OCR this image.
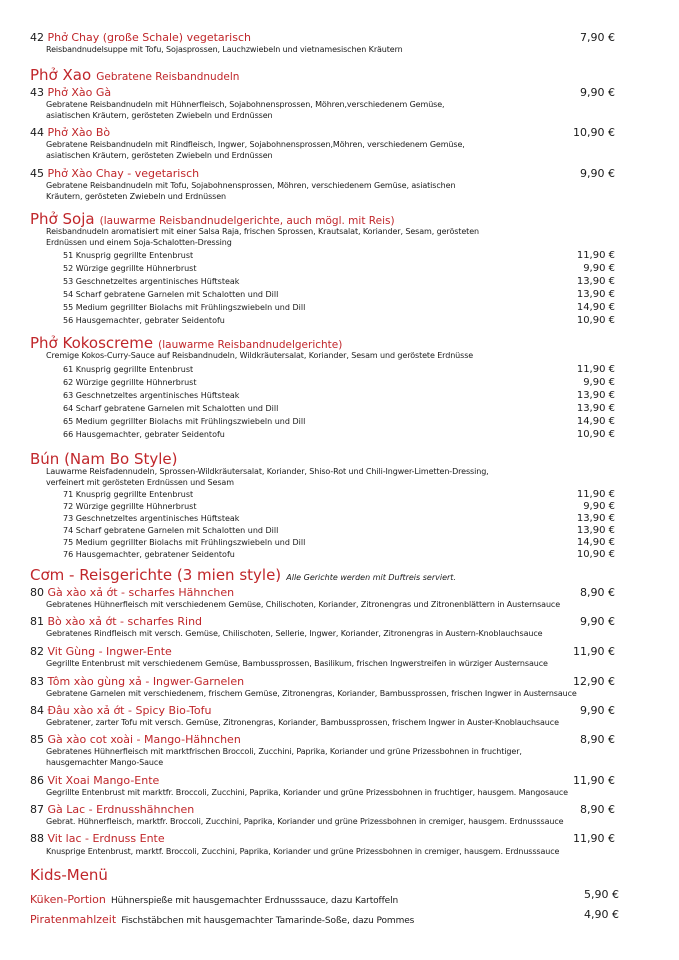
42 Phở Chay (große Schale) vegetarisch	7,90 €
Reisbandnudelsuppe mit Tofu, Sojasprossen, Lauchzwiebeln und vietnamesischen Kräutern
Phở Xao Gebratene Reisbandnudeln
43 Phở Xào Gà	9,90 €
Gebratene Reisbandnudeln mit Hühnerfleisch, Sojabohnensprossen, Möhren,verschiedenem Gemüse,
asiatischen Kräutern, gerösteten Zwiebeln und Erdnüssen
44 Phở Xào Bò	10,90 €
Gebratene Reisbandnudeln mit Rindfleisch, Ingwer, Sojabohnensprossen,Möhren, verschiedenem Gemüse,
asiatischen Kräutern, gerösteten Zwiebeln und Erdnüssen
45 Phở Xào Chay - vegetarisch	9,90 €
Gebratene Reisbandnudeln mit Tofu, Sojabohnensprossen, Möhren, verschiedenem Gemüse, asiatischen
Kräutern, gerösteten Zwiebeln und Erdnüssen
Phở Soja (lauwarme Reisbandnudelgerichte, auch mögl. mit Reis)
Reisbandnudeln aromatisiert mit einer Salsa Raja, frischen Sprossen, Krautsalat, Koriander, Sesam, gerösteten
Erdnüssen und einem Soja-Schalotten-Dressing
51 Knusprig gegrillte Entenbrust	11,90 €
52 Würzige gegrillte Hühnerbrust	9,90 €
53 Geschnetzeltes argentinisches Hüftsteak	13,90 €
54 Scharf gebratene Garnelen mit Schalotten und Dill	13,90 €
55 Medium gegrillter Biolachs mit Frühlingszwiebeln und Dill	14,90 €
56 Hausgemachter, gebrater Seidentofu	10,90 €
Phở Kokoscreme (lauwarme Reisbandnudelgerichte)
Cremige Kokos-Curry-Sauce auf Reisbandnudeln, Wildkräutersalat, Koriander, Sesam und geröstete Erdnüsse
61 Knusprig gegrillte Entenbrust	11,90 €
62 Würzige gegrillte Hühnerbrust	9,90 €
63 Geschnetzeltes argentinisches Hüftsteak	13,90 €
64 Scharf gebratene Garnelen mit Schalotten und Dill	13,90 €
65 Medium gegrillter Biolachs mit Frühlingszwiebeln und Dill	14,90 €
66 Hausgemachter, gebrater Seidentofu	10,90 €
Bún (Nam Bo Style)
Lauwarme Reisfadennudeln, Sprossen-Wildkräutersalat, Koriander, Shiso-Rot und Chili-Ingwer-Limetten-Dressing,
verfeinert mit gerösteten Erdnüssen und Sesam
71 Knusprig gegrillte Entenbrust	11,90 €
72 Würzige gegrillte Hühnerbrust	9,90 €
73 Geschnetzeltes argentinisches Hüftsteak	13,90 €
74 Scharf gebratene Garnelen mit Schalotten und Dill	13,90 €
75 Medium gegrillter Biolachs mit Frühlingszwiebeln und Dill	14,90 €
76 Hausgemachter, gebratener Seidentofu	10,90 €
Cơm - Reisgerichte (3 mien style) Alle Gerichte werden mit Duftreis serviert.
80 Gà xào xả ớt - scharfes Hähnchen	8,90 €
Gebratenes Hühnerfleisch mit verschiedenem Gemüse, Chilischoten, Koriander, Zitronengras und Zitronenblättern in Austernsauce
81 Bò xào xả ớt - scharfes Rind	9,90 €
Gebratenes Rindfleisch mit versch. Gemüse, Chilischoten, Sellerie, Ingwer, Koriander, Zitronengras in Austern-Knoblauchsauce
82 Vit Gùng - Ingwer-Ente	11,90 €
Gegrillte Entenbrust mit verschiedenem Gemüse, Bambussprossen, Basilikum, frischen Ingwerstreifen in würziger Austernsauce
83 Tôm xào gùng xả - Ingwer-Garnelen	12,90 €
Gebratene Garnelen mit verschiedenem, frischem Gemüse, Zitronengras, Koriander, Bambussprossen, frischen Ingwer in Austernsauce
84 Đâu xào xả ớt - Spicy Bio-Tofu	9,90 €
Gebratener, zarter Tofu mit versch. Gemüse, Zitronengras, Koriander, Bambussprossen, frischem Ingwer in Auster-Knoblauchsauce
85 Gà xào cot xoài - Mango-Hähnchen	8,90 €
Gebratenes Hühnerfleisch mit marktfrischen Broccoli, Zucchini, Paprika, Koriander und grüne Prizessbohnen in fruchtiger,
hausgemachter Mango-Sauce
86 Vit Xoai Mango-Ente	11,90 €
Gegrillte Entenbrust mit marktfr. Broccoli, Zucchini, Paprika, Koriander und grüne Prizessbohnen in fruchtiger, hausgem. Mangosauce
87 Gà Lac - Erdnusshähnchen	8,90 €
Gebrat. Hühnerfleisch, marktfr. Broccoli, Zucchini, Paprika, Koriander und grüne Prizessbohnen in cremiger, hausgem. Erdnusssauce
88 Vit lac - Erdnuss Ente	11,90 €
Knusprige Entenbrust, marktf. Broccoli, Zucchini, Paprika, Koriander und grüne Prizessbohnen in cremiger, hausgem. Erdnusssauce
Kids-Menü
Küken-Portion Hühnerspieße mit hausgemachter Erdnusssauce, dazu Kartoffeln	5,90 €
Piratenmahlzeit Fischstäbchen mit hausgemachter Tamarinde-Soße, dazu Pommes	4,90 €
